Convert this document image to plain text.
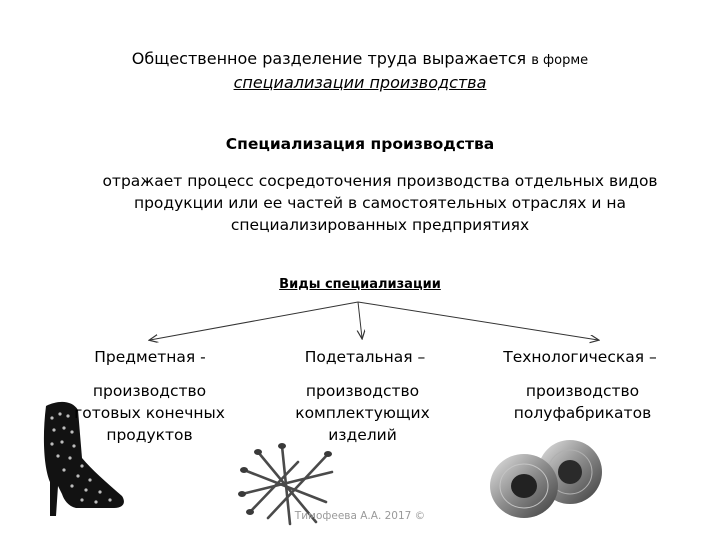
Общественное разделение труда выражается в форме
специализации производства
Специализация производства
отражает процесс сосредоточения производства отдельных видов продукции или ее частей в самостоятельных отраслях и на специализированных предприятиях
Виды специализации
Предметная -	Подетальная –	Технологическая –
производство готовых конечных продуктов
производство комплектующих изделий
производство полуфабрикатов
Тимофеева А.А. 2017 ©
